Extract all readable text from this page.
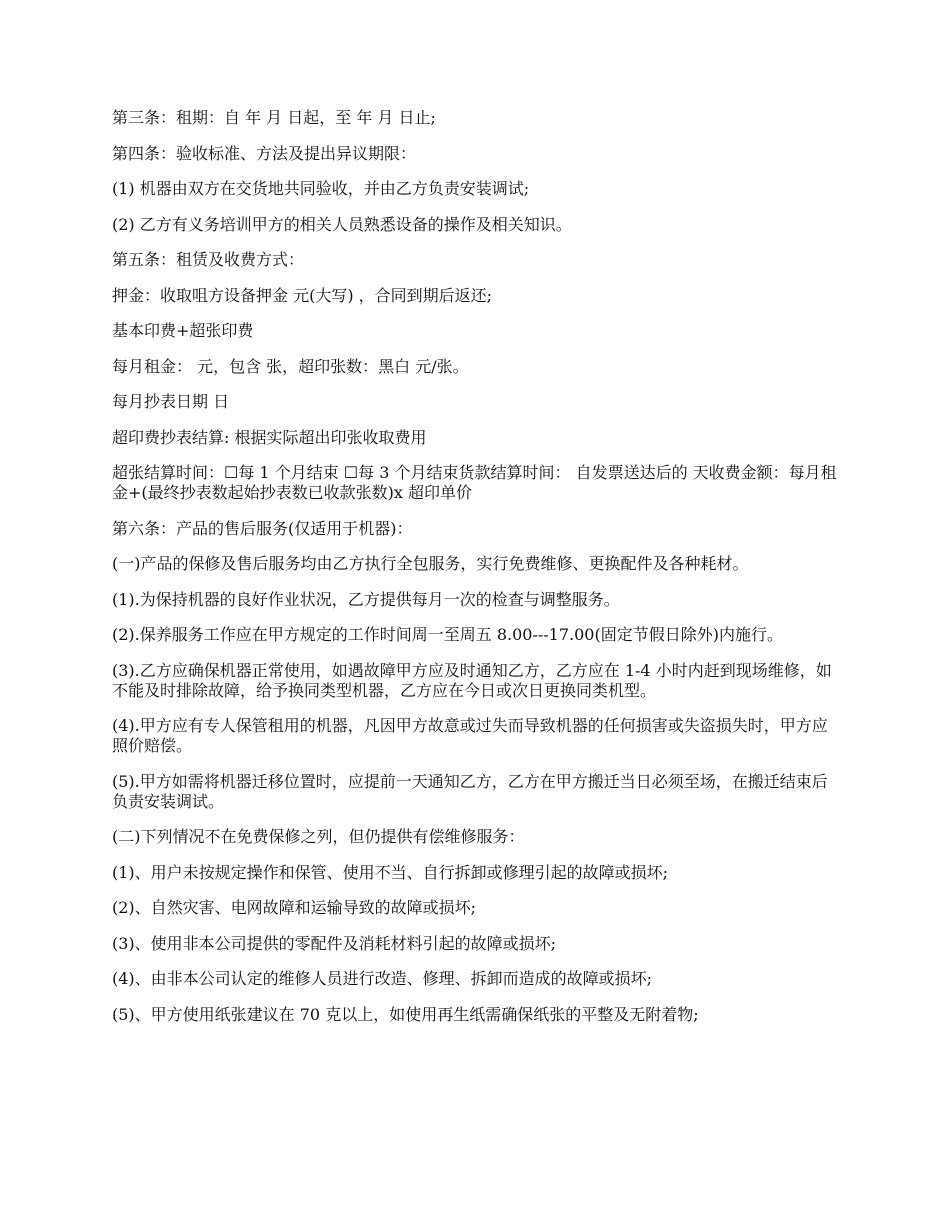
第三条：租期：自 年 月 日起，至 年 月 日止;

第四条：验收标准、方法及提出异议期限：

(1) 机器由双方在交货地共同验收，并由乙方负责安装调试;

(2) 乙方有义务培训甲方的相关人员熟悉设备的操作及相关知识。

第五条：租赁及收费方式：

押金：收取咀方设备押金 元(大写) ，合同到期后返还;

基本印费+超张印费

每月租金： 元，包含 张，超印张数：黑白 元/张。

每月抄表日期 日

超印费抄表结算: 根据实际超出印张收取费用

超张结算时间：☐每 1 个月结束 ☐每 3 个月结束货款结算时间： 自发票送达后的 天收费金额：每月租金+(最终抄表数起始抄表数已收款张数)x 超印单价

第六条：产品的售后服务(仅适用于机器)：

(一)产品的保修及售后服务均由乙方执行全包服务，实行免费维修、更换配件及各种耗材。

(1).为保持机器的良好作业状况，乙方提供每月一次的检查与调整服务。

(2).保养服务工作应在甲方规定的工作时间周一至周五 8.00---17.00(固定节假日除外)内施行。

(3).乙方应确保机器正常使用，如遇故障甲方应及时通知乙方，乙方应在 1-4 小时内赶到现场维修，如不能及时排除故障，给予换同类型机器，乙方应在今日或次日更换同类机型。

(4).甲方应有专人保管租用的机器，凡因甲方故意或过失而导致机器的任何损害或失盗损失时，甲方应照价赔偿。

(5).甲方如需将机器迁移位置时，应提前一天通知乙方，乙方在甲方搬迁当日必须至场，在搬迁结束后负责安装调试。

(二)下列情况不在免费保修之列，但仍提供有偿维修服务：

(1)、用户未按规定操作和保管、使用不当、自行拆卸或修理引起的故障或损坏;

(2)、自然灾害、电网故障和运输导致的故障或损坏;

(3)、使用非本公司提供的零配件及消耗材料引起的故障或损坏;

(4)、由非本公司认定的维修人员进行改造、修理、拆卸而造成的故障或损坏;

(5)、甲方使用纸张建议在 70 克以上，如使用再生纸需确保纸张的平整及无附着物;
